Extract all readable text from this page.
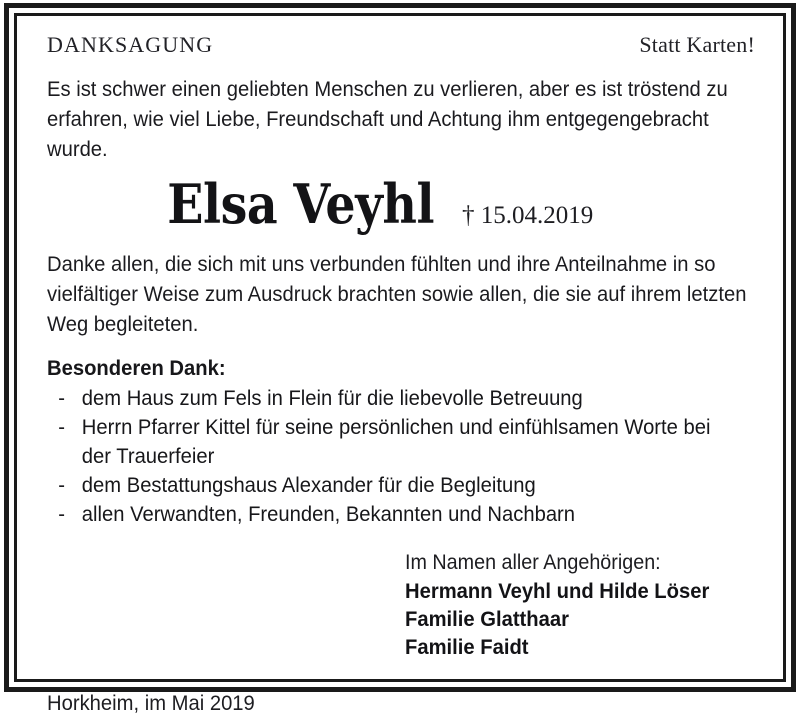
DANKSAGUNG	Statt Karten!

Es ist schwer einen geliebten Menschen zu verlieren, aber es ist tröstend zu erfahren, wie viel Liebe, Freundschaft und Achtung ihm entgegengebracht wurde.

Elsa Veyhl † 15.04.2019

Danke allen, die sich mit uns verbunden fühlten und ihre Anteilnahme in so vielfältiger Weise zum Ausdruck brachten sowie allen, die sie auf ihrem letzten Weg begleiteten.

Besonderen Dank:

- dem Haus zum Fels in Flein für die liebevolle Betreuung
- Herrn Pfarrer Kittel für seine persönlichen und einfühlsamen Worte bei der Trauerfeier
- dem Bestattungshaus Alexander für die Begleitung
- allen Verwandten, Freunden, Bekannten und Nachbarn
Im Namen aller Angehörigen:
Hermann Veyhl und Hilde Löser
Familie Glatthaar
Familie Faidt
Horkheim, im Mai 2019
